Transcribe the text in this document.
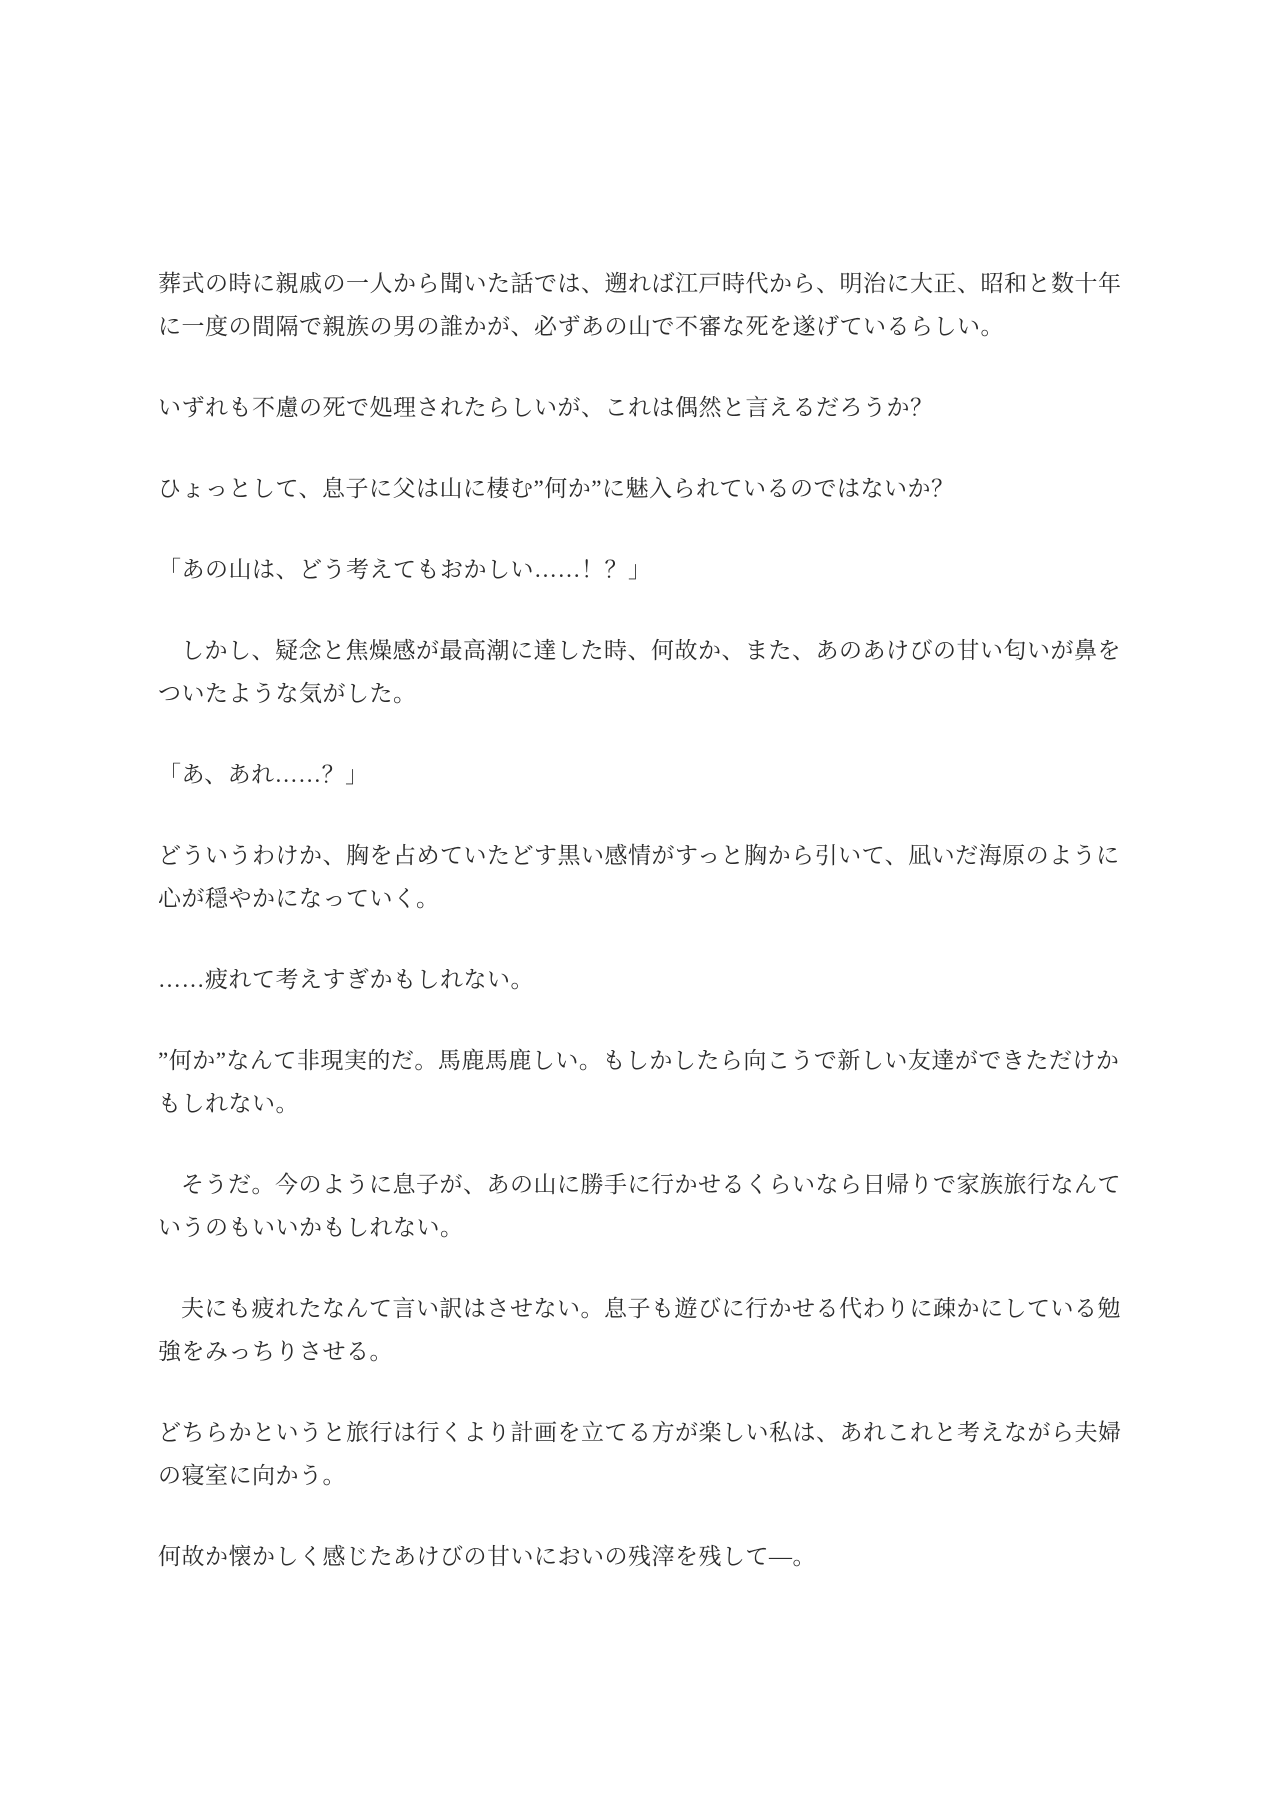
葬式の時に親戚の一人から聞いた話では、遡れば江戸時代から、明治に大正、昭和と数十年に一度の間隔で親族の男の誰かが、必ずあの山で不審な死を遂げているらしい。

いずれも不慮の死で処理されたらしいが、これは偶然と言えるだろうか？

ひょっとして、息子に父は山に棲む”何か”に魅入られているのではないか？

「あの山は、どう考えてもおかしい……！？」

しかし、疑念と焦燥感が最高潮に達した時、何故か、また、あのあけびの甘い匂いが鼻をついたような気がした。

「あ、あれ……？」

どういうわけか、胸を占めていたどす黒い感情がすっと胸から引いて、凪いだ海原のように心が穏やかになっていく。

……疲れて考えすぎかもしれない。

”何か”なんて非現実的だ。馬鹿馬鹿しい。もしかしたら向こうで新しい友達ができただけかもしれない。

そうだ。今のように息子が、あの山に勝手に行かせるくらいなら日帰りで家族旅行なんていうのもいいかもしれない。

夫にも疲れたなんて言い訳はさせない。息子も遊びに行かせる代わりに疎かにしている勉強をみっちりさせる。

どちらかというと旅行は行くより計画を立てる方が楽しい私は、あれこれと考えながら夫婦の寝室に向かう。

何故か懐かしく感じたあけびの甘いにおいの残滓を残して―。
